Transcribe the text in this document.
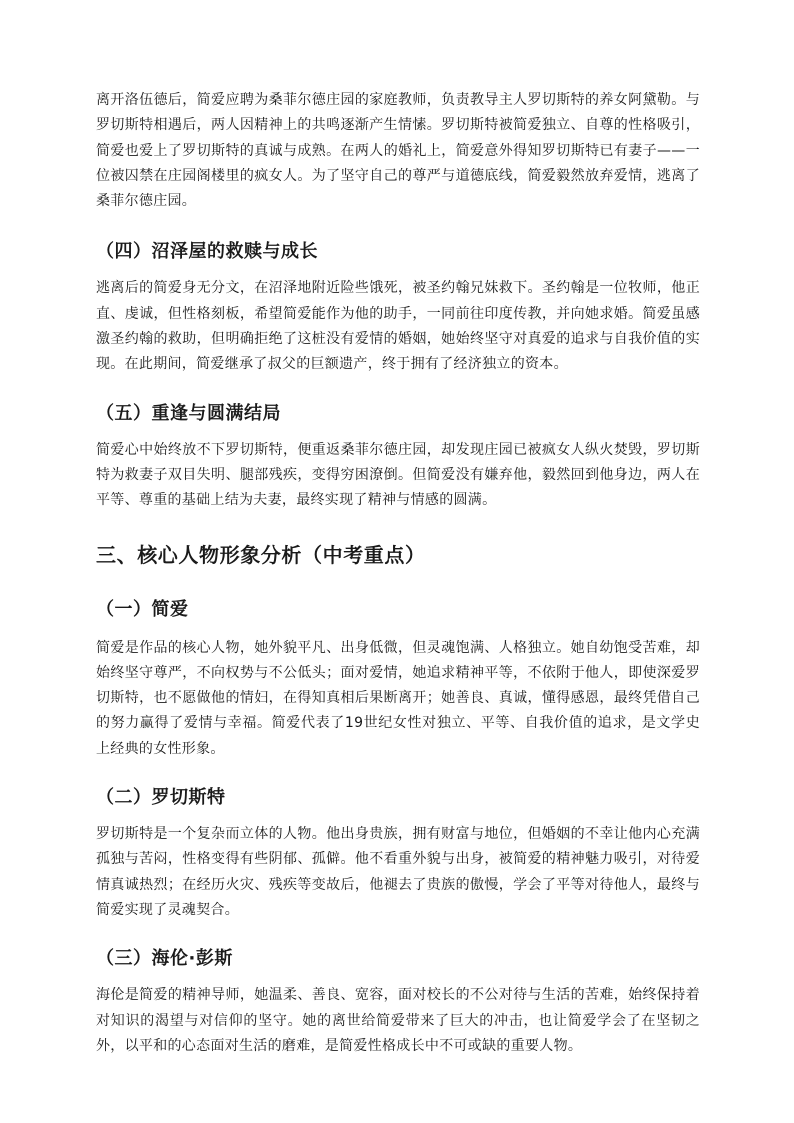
离开洛伍德后，简爱应聘为桑菲尔德庄园的家庭教师，负责教导主人罗切斯特的养女阿黛勒。与罗切斯特相遇后，两人因精神上的共鸣逐渐产生情愫。罗切斯特被简爱独立、自尊的性格吸引，简爱也爱上了罗切斯特的真诚与成熟。在两人的婚礼上，简爱意外得知罗切斯特已有妻子——一位被囚禁在庄园阁楼里的疯女人。为了坚守自己的尊严与道德底线，简爱毅然放弃爱情，逃离了桑菲尔德庄园。

（四）沼泽屋的救赎与成长

逃离后的简爱身无分文，在沼泽地附近险些饿死，被圣约翰兄妹救下。圣约翰是一位牧师，他正直、虔诚，但性格刻板，希望简爱能作为他的助手，一同前往印度传教，并向她求婚。简爱虽感激圣约翰的救助，但明确拒绝了这桩没有爱情的婚姻，她始终坚守对真爱的追求与自我价值的实现。在此期间，简爱继承了叔父的巨额遗产，终于拥有了经济独立的资本。

（五）重逢与圆满结局

简爱心中始终放不下罗切斯特，便重返桑菲尔德庄园，却发现庄园已被疯女人纵火焚毁，罗切斯特为救妻子双目失明、腿部残疾，变得穷困潦倒。但简爱没有嫌弃他，毅然回到他身边，两人在平等、尊重的基础上结为夫妻，最终实现了精神与情感的圆满。

三、核心人物形象分析（中考重点）
（一）简爱

简爱是作品的核心人物，她外貌平凡、出身低微，但灵魂饱满、人格独立。她自幼饱受苦难，却始终坚守尊严，不向权势与不公低头；面对爱情，她追求精神平等，不依附于他人，即使深爱罗切斯特，也不愿做他的情妇，在得知真相后果断离开；她善良、真诚，懂得感恩，最终凭借自己的努力赢得了爱情与幸福。简爱代表了19世纪女性对独立、平等、自我价值的追求，是文学史上经典的女性形象。

（二）罗切斯特

罗切斯特是一个复杂而立体的人物。他出身贵族，拥有财富与地位，但婚姻的不幸让他内心充满孤独与苦闷，性格变得有些阴郁、孤僻。他不看重外貌与出身，被简爱的精神魅力吸引，对待爱情真诚热烈；在经历火灾、残疾等变故后，他褪去了贵族的傲慢，学会了平等对待他人，最终与简爱实现了灵魂契合。

（三）海伦·彭斯

海伦是简爱的精神导师，她温柔、善良、宽容，面对校长的不公对待与生活的苦难，始终保持着对知识的渴望与对信仰的坚守。她的离世给简爱带来了巨大的冲击，也让简爱学会了在坚韧之外，以平和的心态面对生活的磨难，是简爱性格成长中不可或缺的重要人物。
